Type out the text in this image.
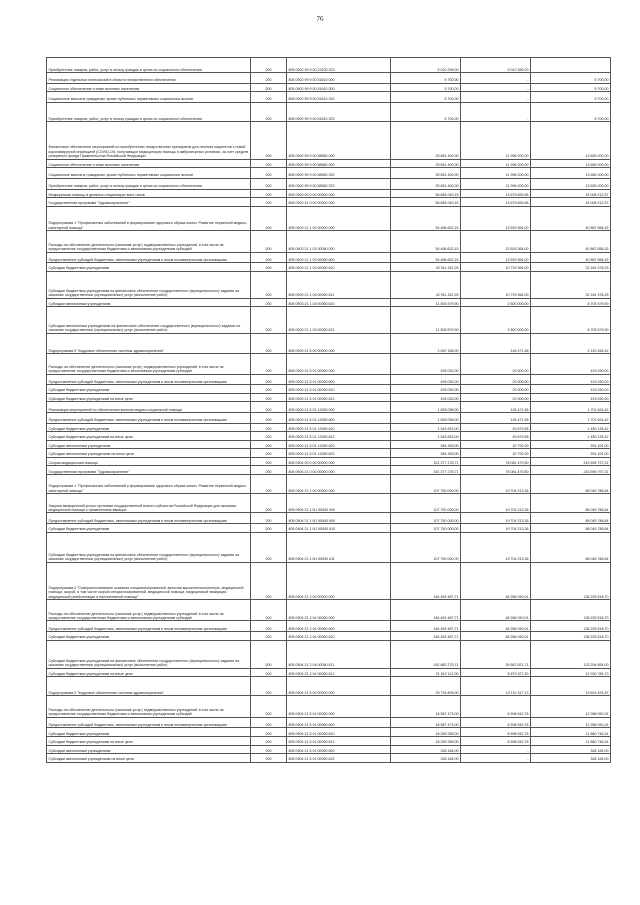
76
Приобретение товаров, работ, услуг в пользу граждан в целях их социального обеспечения	200	805 0902 99 9 00 23100 323	5 010 299,00	5 010 359,00	
Реализация отдельных полномочий в области лекарственного обеспечения	200	805 0902 99 9 00 51610 000	5 700,00	-	5 700,00
Социальное обеспечение и иные выплаты населению	200	805 0902 99 9 00 51610 300	5 700,00	-	5 700,00
Социальные выплаты гражданам, кроме публичных нормативных социальных выплат	200	805 0902 99 9 00 51610 320	5 700,00	-	5 700,00
Приобретение товаров, работ, услуг в пользу граждан в целях их социального обеспечения	200	805 0902 99 9 00 51610 323	5 700,00	-	5 700,00
Финансовое обеспечение мероприятий по приобретению лекарственных препаратов для лечения пациентов с новой коронавирусной инфекцией (COVID-19), получающих медицинскую помощь в амбулаторных условиях, за счет средств резервного фонда Правительства Российской Федерации	200	805 0902 99 9 00 58560 000	25 651 400,00	11 996 200,00	13 655 200,00
Социальное обеспечение и иные выплаты населению	200	805 0902 99 9 00 58560 300	25 651 400,00	11 996 200,00	13 655 200,00
Социальные выплаты гражданам, кроме публичных нормативных социальных выплат	200	805 0902 99 9 00 58560 320	25 651 400,00	11 996 200,00	13 655 200,00
Приобретение товаров, работ, услуг в пользу граждан в целях их социального обеспечения	200	805 0902 99 9 00 58560 323	25 651 400,00	11 996 200,00	13 655 200,00
Медицинская помощь в дневных стационарах всех типов	200	805 0903 00 0 00 00000 000	56 684 049,15	13 675 826,58	43 008 212,57
Государственная программа "Здравоохранение"	200	805 0903 21 0 00 00000 000	56 684 049,15	13 675 826,58	43 008 212,57
Подпрограмма 1 "Профилактика заболеваний и формирование здорового образа жизни. Развитие первичной медико-санитарной помощи"	200	805 0903 21 1 00 00000 000	54 456 622,15	13 529 364,00	40 887 658,15
Расходы на обеспечение деятельности (оказание услуг) подведомственных учреждений, в том числе на предоставление государственным бюджетным и автономным учреждениям субсидий	200	805 0903 21 1 03 00050 000	54 456 622,15	13 529 364,00	40 887 658,15
Предоставление субсидий бюджетным, автономным учреждениям и иным некоммерческим организациям	200	805 0903 21 1 03 00050 600	54 456 622,15	13 529 364,00	40 887 658,15
Субсидии бюджетным учреждениям	200	805 0903 21 1 03 00050 610	42 911 342,25	10 729 364,00	32 181 978,25
Субсидии бюджетным учреждениям на финансовое обеспечение государственного (муниципального) задания на оказание государственных (муниципальных) услуг (выполнение работ)	200	805 0903 21 1 03 00050 611	42 911 342,25	10 729 364,00	32 181 978,25
Субсидии автономным учреждениям	200	805 0903 21 1 03 00050 620	11 505 579,90	2 800 000,00	8 705 579,90
Субсидии автономным учреждениям на финансовое обеспечение государственного (муниципального) задания на оказание государственных (муниципальных) услуг (выполнение работ)	200	805 0903 21 1 03 00050 621	11 505 579,90	2 800 000,00	8 705 579,90
Подпрограмма 5 "Кадровое обеспечение системы здравоохранения"	200	805 0903 21 5 00 00000 000	2 067 156,00	146 471,58	2 120 454,42
Расходы на обеспечение деятельности (оказание услуг) подведомственных учреждений, в том числе на предоставление государственным бюджетным и автономным учреждениям субсидий	200	805 0903 21 5 01 00050 000	439 030,00	20 000,00	419 030,00
Предоставление субсидий бюджетным, автономным учреждениям и иным некоммерческим организациям	200	805 0903 21 5 01 00050 600	439 030,00	20 000,00	419 030,00
Субсидии бюджетным учреждениям	200	805 0903 21 5 01 00050 610	439 030,00	20 000,00	419 030,00
Субсидии бюджетным учреждениям на иные цели	200	805 0903 21 5 01 00050 612	439 030,00	20 000,00	419 030,00
Реализация мероприятий по обеспечению жильем медико-социальной помощи	200	805 0903 21 5 01 13390 000	1 828 098,00	126 471,58	1 701 624,42
Предоставление субсидий бюджетным, автономным учреждениям и иным некоммерческим организациям	200	805 0903 21 5 01 13390 600	1 828 098,00	126 471,58	1 701 624,42
Субсидии бюджетным учреждениям	200	805 0903 21 5 01 13390 610	1 543 815,00	93 679,58	1 450 135,42
Субсидии бюджетным учреждениям на иные цели	200	805 0903 21 5 01 13390 612	1 543 815,00	93 679,58	1 450 135,42
Субсидии автономным учреждениям	200	805 0903 21 5 01 13390 620	284 283,00	32 792,00	251 491,00
Субсидии автономным учреждениям на иные цели	200	805 0903 21 5 01 13390 622	284 283,00	32 792,00	251 491,00
Скорая медицинская помощь	200	805 0904 00 0 00 00000 000	321 377 278,71	78 081 479,50	243 595 797,21
Государственная программа "Здравоохранение"	200	805 0904 21 0 00 00000 000	321 377 278,71	78 081 479,50	243 595 797,21
Подпрограмма 1 "Профилактика заболеваний и формирование здорового образа жизни. Развитие первичной медико-санитарной помощи"	200	805 0904 21 1 00 00000 000	107 750 000,00	19 704 213,36	88 045 786,64
Закупка авиационной услуги органами государственной власти субъектов Российской Федерации для оказания медицинской помощи с применением авиации	200	805 0904 21 1 N1 55540 000	107 750 000,00	19 704 213,36	88 045 786,64
Предоставление субсидий бюджетным, автономным учреждениям и иным некоммерческим организациям	200	805 0904 21 1 N1 55540 600	107 750 000,00	19 704 213,36	88 045 786,64
Субсидии бюджетным учреждениям	200	805 0904 21 1 N1 55540 610	107 750 000,00	19 704 213,36	88 045 786,64
Субсидии бюджетным учреждениям на финансовое обеспечение государственного (муниципального) задания на оказание государственных (муниципальных) услуг (выполнение работ)	200	805 0904 21 1 N1 55540 611	107 750 000,00	19 704 213,36	88 045 786,64
Подпрограмма 2 "Совершенствование оказания специализированной, включая высокотехнологичную, медицинской помощи, скорой, в том числе скорой специализированной, медицинской помощи, медицинской эвакуации, медицинской реабилитации и паллиативной помощи"	200	805 0904 21 2 00 00000 000	184 492 487,71	48 266 949,01	136 225 518,70
Расходы на обеспечение деятельности (оказание услуг) подведомственных учреждений, в том числе на предоставление государственным бюджетным и автономным учреждениям субсидий	200	805 0904 21 2 04 00050 000	184 492 487,71	48 266 949,01	136 225 518,70
Предоставление субсидий бюджетным, автономным учреждениям и иным некоммерческим организациям	200	805 0904 21 2 04 00050 600	184 492 487,71	48 266 949,01	136 225 518,70
Субсидии бюджетным учреждениям	200	805 0904 21 2 04 00050 610	184 492 487,71	48 266 949,01	136 225 518,70
Субсидии бюджетным учреждениям на финансовое обеспечение государственного (муниципального) задания на оказание государственных (муниципальных) услуг (выполнение работ)	200	805 0904 21 2 04 00050 611	162 882 275,71	39 587 621,71	123 294 654,00
Субсидии бюджетным учреждениям на иные цели	200	805 0904 21 2 04 00050 612	21 610 112,00	8 679 327,30	12 930 784,70
Подпрограмма 5 "Кадровое обеспечение системы здравоохранения"	200	805 0904 21 5 00 00000 000	29 734 809,00	10 110 317,13	19 624 491,87
Расходы на обеспечение деятельности (оказание услуг) подведомственных учреждений, в том числе на предоставление государственным бюджетным и автономным учреждениям субсидий	200	805 0904 21 5 01 00050 000	18 587 473,00	6 598 542,76	12 288 930,24
Предоставление субсидий бюджетным, автономным учреждениям и иным некоммерческим организациям	200	805 0904 21 5 01 00050 600	18 587 473,00	6 598 542,76	12 288 930,24
Субсидии бюджетным учреждениям	200	805 0904 21 5 01 00050 610	18 259 289,00	6 598 542,76	11 660 746,24
Субсидии бюджетным учреждениям на иные цели	200	805 0904 21 5 01 00050 612	18 259 289,00	6 598 542,76	11 660 746,24
Субсидии автономным учреждениям	200	805 0904 21 5 01 00050 620	328 184,00	-	328 184,00
Субсидии автономным учреждениям на иные цели	200	805 0904 21 5 01 00050 622	328 184,00	-	328 184,00
